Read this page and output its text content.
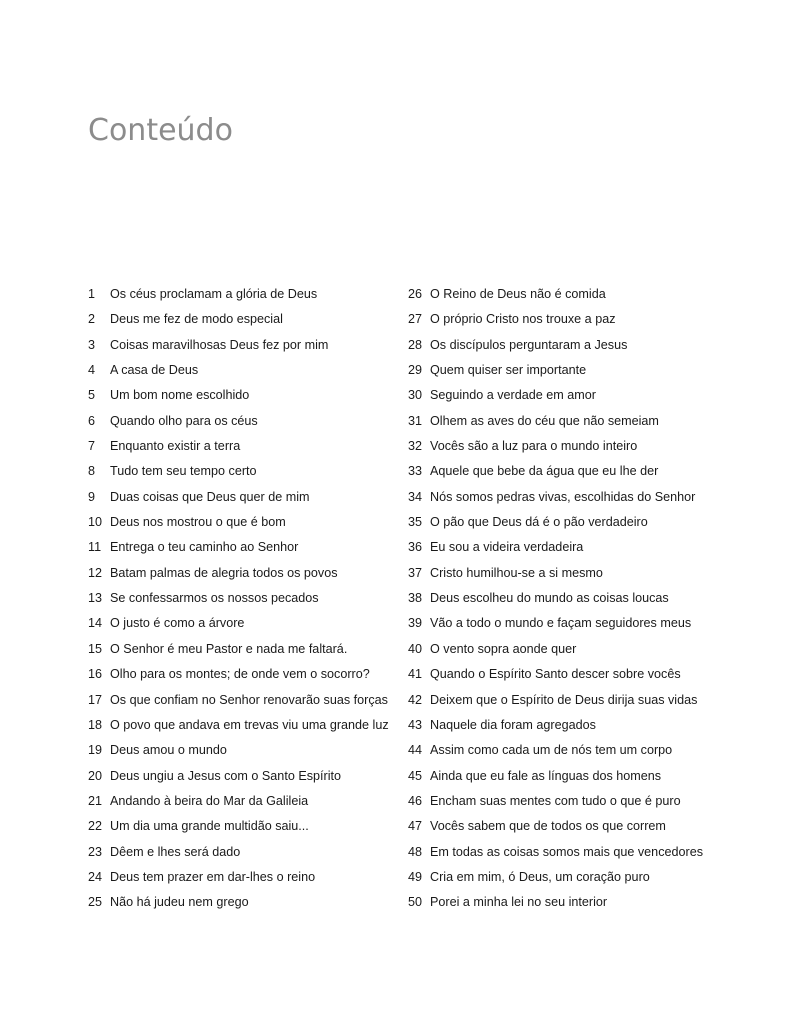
Conteúdo
1	Os céus proclamam a glória de Deus
2	Deus me fez de modo especial
3	Coisas maravilhosas Deus fez por mim
4	A casa de Deus
5	Um bom nome escolhido
6	Quando olho para os céus
7	Enquanto existir a terra
8	Tudo tem seu tempo certo
9	Duas coisas que Deus quer de mim
10 Deus nos mostrou o que é bom
11 Entrega o teu caminho ao Senhor
12 Batam palmas de alegria todos os povos
13 Se confessarmos os nossos pecados
14 O justo é como a árvore
15 O Senhor é meu Pastor e nada me faltará.
16 Olho para os montes; de onde vem o socorro?
17 Os que confiam no Senhor renovarão suas forças
18 O povo que andava em trevas viu uma grande luz
19 Deus amou o mundo
20 Deus ungiu a Jesus com o Santo Espírito
21 Andando à beira do Mar da Galileia
22 Um dia uma grande multidão saiu...
23 Dêem e lhes será dado
24 Deus tem prazer em dar-lhes o reino
25 Não há judeu nem grego
26 O Reino de Deus não é comida
27 O próprio Cristo nos trouxe a paz
28 Os discípulos perguntaram a Jesus
29 Quem quiser ser importante
30 Seguindo a verdade em amor
31 Olhem as aves do céu que não semeiam
32 Vocês são a luz para o mundo inteiro
33 Aquele que bebe da água que eu lhe der
34 Nós somos pedras vivas, escolhidas do Senhor
35 O pão que Deus dá é o pão verdadeiro
36 Eu sou a videira verdadeira
37 Cristo humilhou-se a si mesmo
38 Deus escolheu do mundo as coisas loucas
39 Vão a todo o mundo e façam seguidores meus
40 O vento sopra aonde quer
41 Quando o Espírito Santo descer sobre vocês
42 Deixem que o Espírito de Deus dirija suas vidas
43 Naquele dia foram agregados
44 Assim como cada um de nós tem um corpo
45 Ainda que eu fale as línguas dos homens
46 Encham suas mentes com tudo o que é puro
47 Vocês sabem que de todos os que correm
48 Em todas as coisas somos mais que vencedores
49 Cria em mim, ó Deus, um coração puro
50 Porei a minha lei no seu interior
